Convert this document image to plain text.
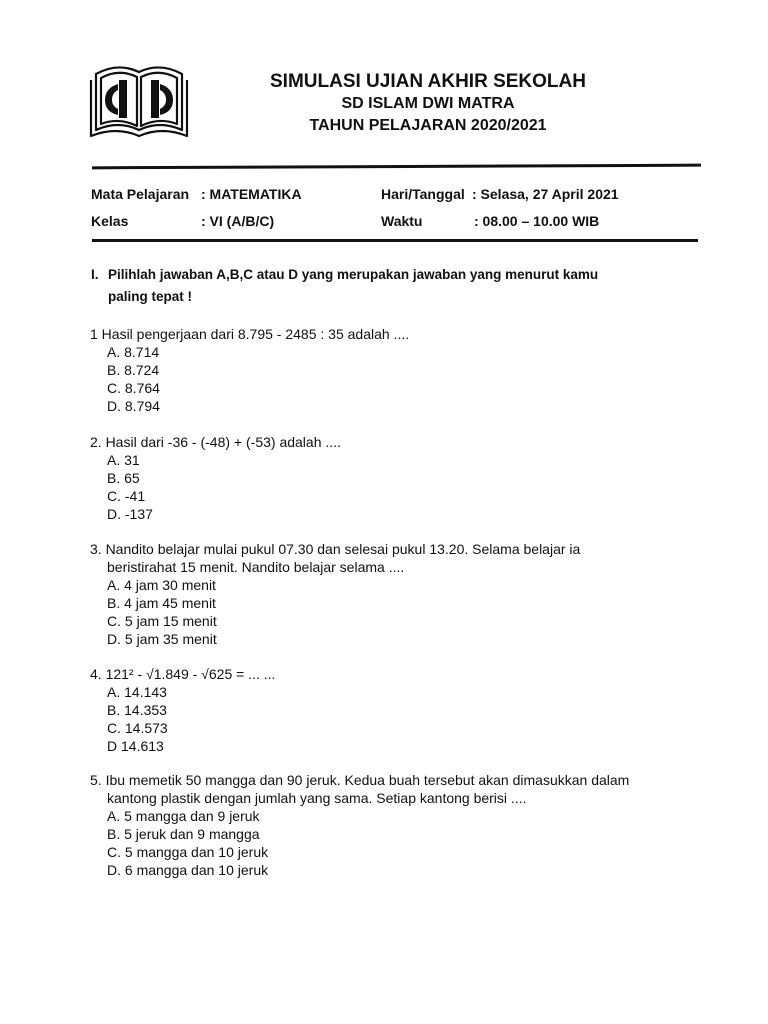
SIMULASI UJIAN AKHIR SEKOLAH
SD ISLAM DWI MATRA
TAHUN PELAJARAN 2020/2021
Mata Pelajaran : MATEMATIKA	Hari/Tanggal : Selasa, 27 April 2021
Kelas	: VI (A/B/C)	Waktu	: 08.00 – 10.00 WIB
I. Pilihlah jawaban A,B,C atau D yang merupakan jawaban yang menurut kamu
paling tepat !

1 Hasil pengerjaan dari 8.795 - 2485 : 35 adalah ....

A. 8.714

B. 8.724

C. 8.764

D. 8.794

2. Hasil dari -36 - (-48) + (-53) adalah ....

A. 31

B. 65

C. -41

D. -137

3. Nandito belajar mulai pukul 07.30 dan selesai pukul 13.20. Selama belajar ia

beristirahat 15 menit. Nandito belajar selama ....

A. 4 jam 30 menit

B. 4 jam 45 menit

C. 5 jam 15 menit

D. 5 jam 35 menit

4. 121² - √1.849 - √625 = ... ...

A. 14.143

B. 14.353

C. 14.573

D 14.613

5. Ibu memetik 50 mangga dan 90 jeruk. Kedua buah tersebut akan dimasukkan dalam

kantong plastik dengan jumlah yang sama. Setiap kantong berisi ....

A. 5 mangga dan 9 jeruk

B. 5 jeruk dan 9 mangga

C. 5 mangga dan 10 jeruk

D. 6 mangga dan 10 jeruk
